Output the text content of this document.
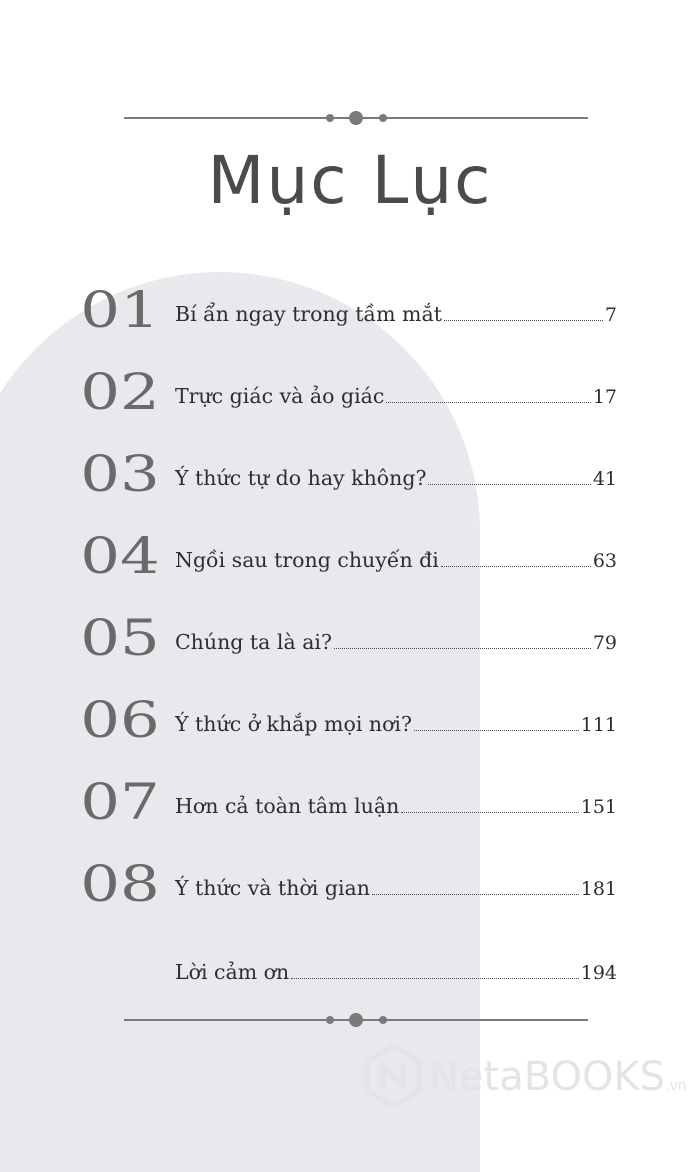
Mục Lục
01 Bí ẩn ngay trong tầm mắt	7
02 Trực giác và ảo giác	17
03 Ý thức tự do hay không?	41
04 Ngồi sau trong chuyến đi	63
05 Chúng ta là ai?	79
06 Ý thức ở khắp mọi nơi?	111
07 Hơn cả toàn tâm luận	151
08 Ý thức và thời gian	181
Lời cảm ơn	194
NetaBOOKS.vn
